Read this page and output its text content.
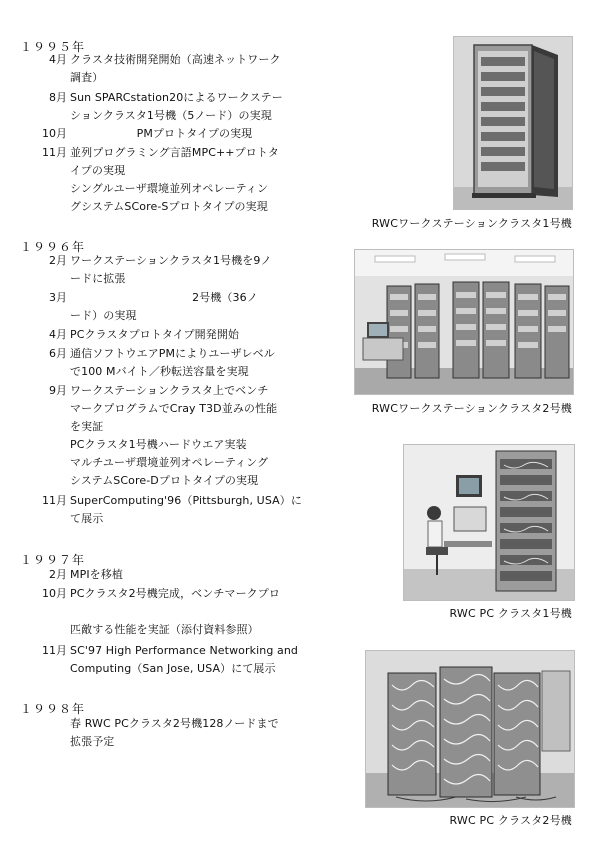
１９９５年
１９９６年
１９９７年
１９９８年
4月 クラスタ技術開発開始（高速ネットワーク
調査）
8月 Sun SPARCstation20によるワークステー
ションクラスタ1号機（5ノード）の実現
10月 　　　　　　PMプロトタイプの実現
11月 並列プログラミング言語MPC++プロトタ
イプの実現
シングルユーザ環境並列オペレーティン
グシステムSCore-Sプロトタイプの実現
2月 ワークステーションクラスタ1号機を9ノ
ードに拡張
3月 　　　　　　　　　　　2号機（36ノ
ード）の実現
4月 PCクラスタプロトタイプ開発開始
6月 通信ソフトウエアPMによりユーザレベル
で100 Mバイト／秒転送容量を実現
9月 ワークステーションクラスタ上でベンチ
マークプログラムでCray T3D並みの性能
を実証
PCクラスタ1号機ハードウエア実装
マルチユーザ環境並列オペレーティング
システムSCore-Dプロトタイプの実現
11月 SuperComputing'96（Pittsburgh, USA）に
て展示
2月 MPIを移植
10月 PCクラスタ2号機完成，ベンチマークプロ
匹敵する性能を実証（添付資料参照）
11月 SC'97 High Performance Networking and
Computing（San Jose, USA）にて展示
春 RWC PCクラスタ2号機128ノードまで
拡張予定
RWCワークステーションクラスタ1号機
RWCワークステーションクラスタ2号機
RWC PC クラスタ1号機
RWC PC クラスタ2号機
